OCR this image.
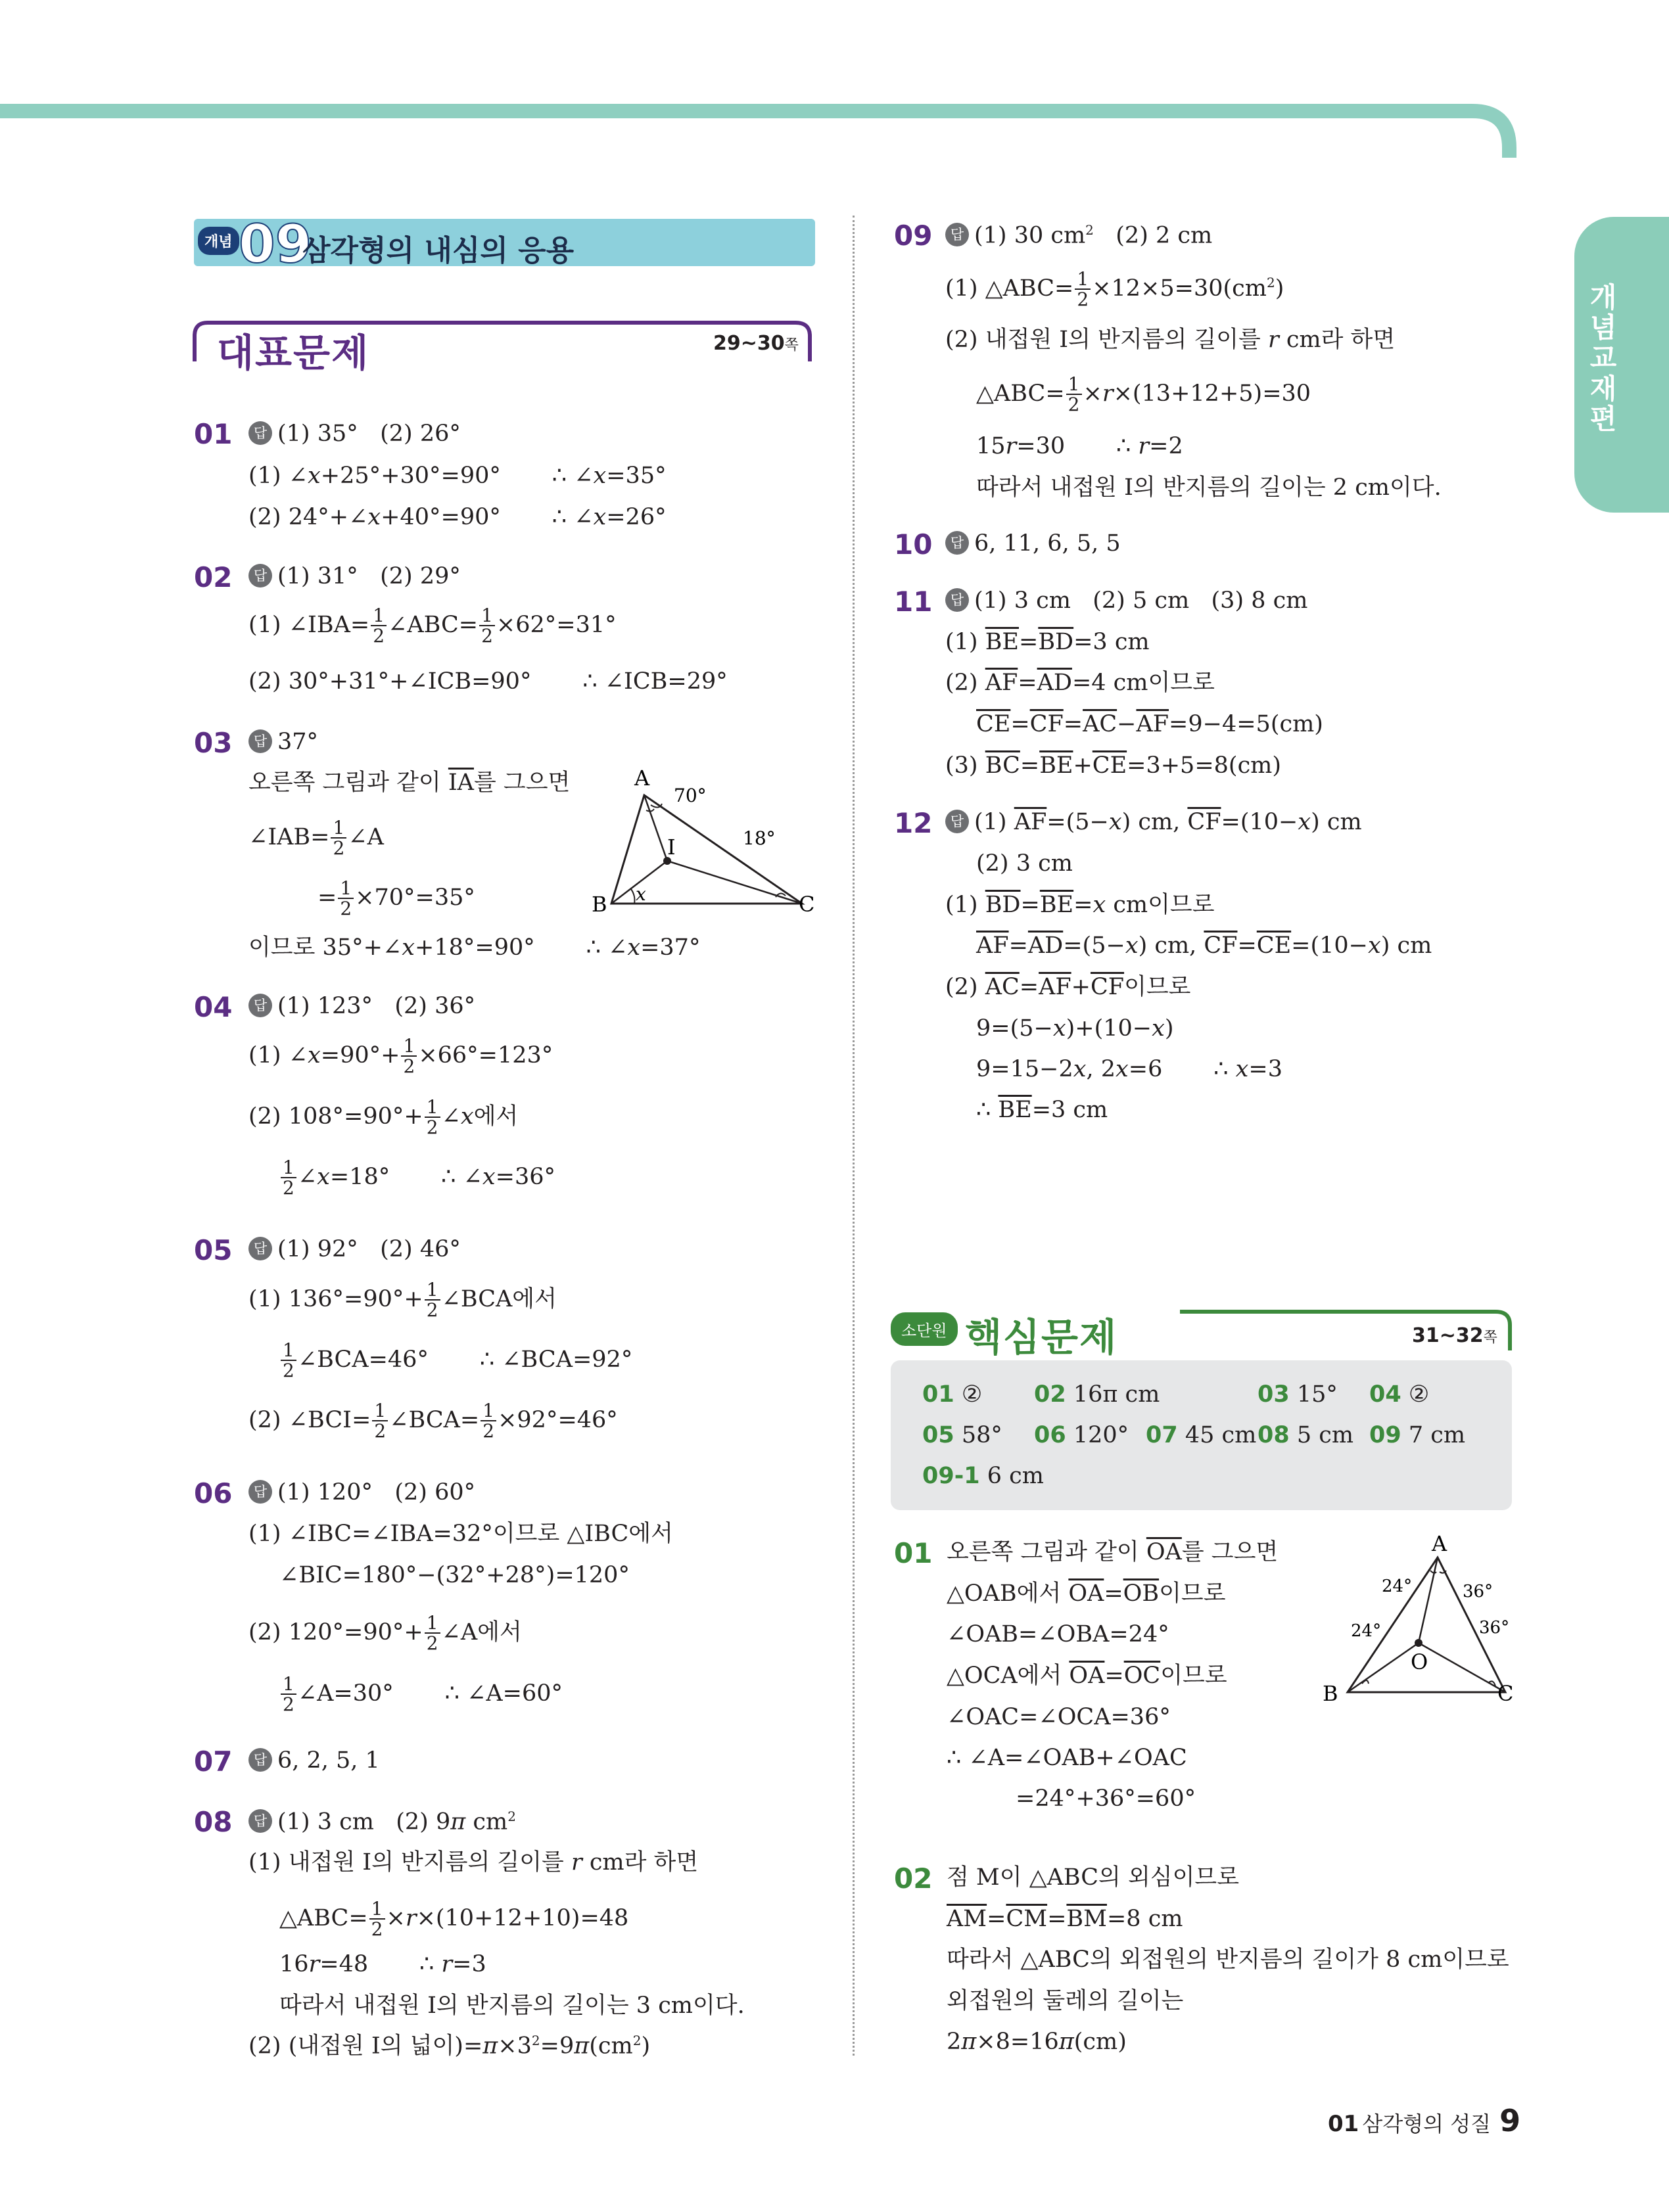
개념교재편
개념 09
삼각형의 내심의 응용
대표문제	29~30쪽
01	답 (1) 35°   (2) 26°
(1) ∠x+25°+30°=90°       ∴ ∠x=35°
(2) 24°+∠x+40°=90°       ∴ ∠x=26°
02	답 (1) 31°   (2) 29°
(1) ∠IBA= $\frac{1}{2}$ ∠ABC= $\frac{1}{2} \times 62^\circ=31^\circ$
(2) 30°+31°+∠ICB=90°       ∴ ∠ICB=29°
03	답 37°
오른쪽 그림과 같이 $\overline{IA}$를 그으면
∠IAB= $\frac{1}{2}$ ∠A
= $\frac{1}{2} \times 70^\circ=35^\circ$
이므로 35°+∠x+18°=90°       ∴ ∠x=37°
A
B	C
I
x
70°
18°
04	답 (1) 123°   (2) 36°
(1) ∠x=90°+ $\frac{1}{2} \times 66^\circ=123^\circ$
(2) $108^\circ=90^\circ+ \frac{1}{2}$ ∠x에서
$\frac{1}{2}$ ∠x=18°       ∴ ∠x=36°
05	답 (1) 92°   (2) 46°
(1) $136^\circ=90^\circ+ \frac{1}{2}$ ∠BCA에서
$\frac{1}{2}$ ∠BCA=46°       ∴ ∠BCA=92°
(2) ∠BCI= $\frac{1}{2}$ ∠BCA= $\frac{1}{2} \times 92^\circ=46^\circ$
06	답 (1) 120°   (2) 60°
(1) ∠IBC=∠IBA=32°이므로 △IBC에서
∠BIC=180°−(32°+28°)=120°
(2) $120^\circ=90^\circ+ \frac{1}{2}$ ∠A에서
$\frac{1}{2}$ ∠A=30°       ∴ ∠A=60°
07	답 6, 2, 5, 1
08	답 (1) 3 cm   (2) 9π $cm^2$
(1) 내접원 I의 반지름의 길이를 r cm라 하면
△ABC= $\frac{1}{2} \times r\times(10+12+10)=48$
16r=48       ∴ r=3
따라서 내접원 I의 반지름의 길이는 3 cm이다.
(2) (내접원 I의 넓이)$=\pi\times 3^2=9\pi(cm^2)$
09	답 (1) 30 $cm^2$   (2) 2 cm
(1) △ABC= $\frac{1}{2} \times 12\times 5=30(cm^2)$
(2) 내접원 I의 반지름의 길이를 r cm라 하면
△ABC= $\frac{1}{2} \times r\times(13+12+5)=30$
15r=30       ∴ r=2
따라서 내접원 I의 반지름의 길이는 2 cm이다.
10	답 6, 11, 6, 5, 5
11	답 (1) 3 cm   (2) 5 cm   (3) 8 cm
(1) $\overline{BE}=\overline{BD}=3$ cm
(2) $\overline{AF}=\overline{AD}=4$ cm이므로
$\overline{CE}=\overline{CF}=\overline{AC}-\overline{AF}=9-4=5(cm)$
(3) $\overline{BC}=\overline{BE}+\overline{CE}=3+5=8(cm)$
12	답 (1) $\overline{AF}=(5-x)$ cm, $\overline{CF}=(10-x)$ cm
(2) 3 cm
(1) $\overline{BD}=\overline{BE}=x$ cm이므로
$\overline{AF}=\overline{AD}=(5-x)$ cm, $\overline{CF}=\overline{CE}=(10-x)$ cm
(2) $\overline{AC}=\overline{AF}+\overline{CF}$이므로
9=(5−x)+(10−x)
9=15−2x, 2x=6       ∴ x=3
∴ $\overline{BE}=3$ cm
소단원 핵심문제	31~32쪽
01 ② 02 16π cm	03 15° 04 ②
05 58° 06 120° 07 45 cm 08 5 cm 09 7 cm
09-1 6 cm
01 오른쪽 그림과 같이 $\overline{OA}$를 그으면
△OAB에서 $\overline{OA}=\overline{OB}$이므로
∠OAB=∠OBA=24°
△OCA에서 $\overline{OA}=\overline{OC}$이므로
∠OAC=∠OCA=36°
∴ ∠A=∠OAB+∠OAC
=24°+36°=60°
A
B	C
O
24°	36°
24°	36°
02 점 M이 △ABC의 외심이므로
$\overline{AM}=\overline{CM}=\overline{BM}=8$ cm
따라서 △ABC의 외접원의 반지름의 길이가 8 cm이므로
외접원의 둘레의 길이는
2π×8=16π(cm)
01 삼각형의 성질 9
